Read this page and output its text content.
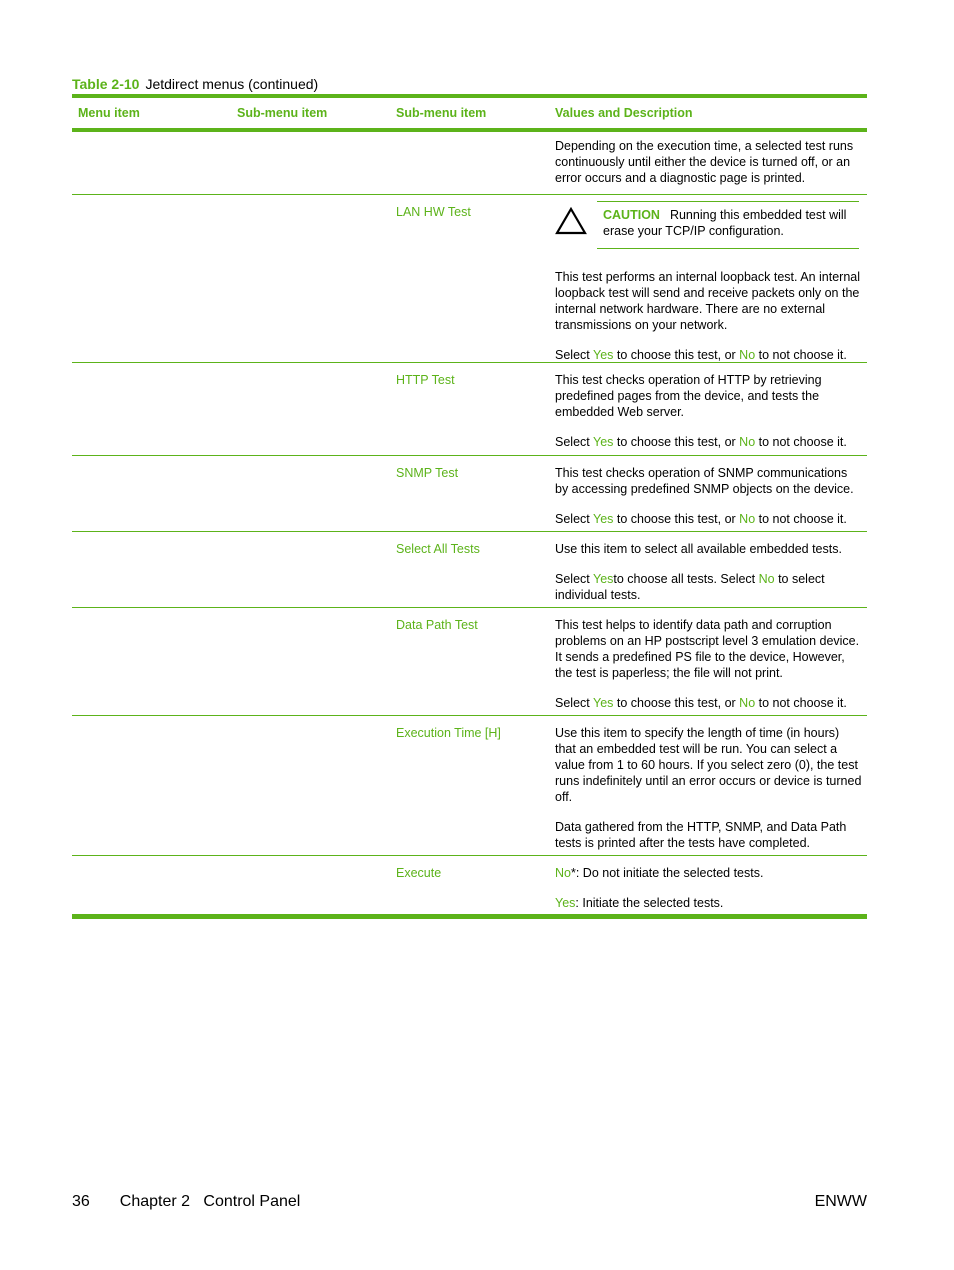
Table 2-10 Jetdirect menus (continued)
Menu item	Sub-menu item	Sub-menu item	Values and Description

Depending on the execution time, a selected test runs continuously until either the device is turned off, or an error occurs and a diagnostic page is printed.

LAN HW Test	CAUTION Running this embedded test will erase your TCP/IP configuration.

This test performs an internal loopback test. An internal loopback test will send and receive packets only on the internal network hardware. There are no external transmissions on your network.

Select Yes to choose this test, or No to not choose it.

HTTP Test	This test checks operation of HTTP by retrieving predefined pages from the device, and tests the embedded Web server.

Select Yes to choose this test, or No to not choose it.

SNMP Test	This test checks operation of SNMP communications by accessing predefined SNMP objects on the device.

Select Yes to choose this test, or No to not choose it.

Select All Tests	Use this item to select all available embedded tests.

Select Yesto choose all tests. Select No to select individual tests.

Data Path Test	This test helps to identify data path and corruption problems on an HP postscript level 3 emulation device. It sends a predefined PS file to the device, However, the test is paperless; the file will not print.

Select Yes to choose this test, or No to not choose it.

Execution Time [H]	Use this item to specify the length of time (in hours) that an embedded test will be run. You can select a value from 1 to 60 hours. If you select zero (0), the test runs indefinitely until an error occurs or device is turned off.

Data gathered from the HTTP, SNMP, and Data Path tests is printed after the tests have completed.

Execute	No*: Do not initiate the selected tests.

Yes: Initiate the selected tests.

36 Chapter 2   Control Panel	ENWW
